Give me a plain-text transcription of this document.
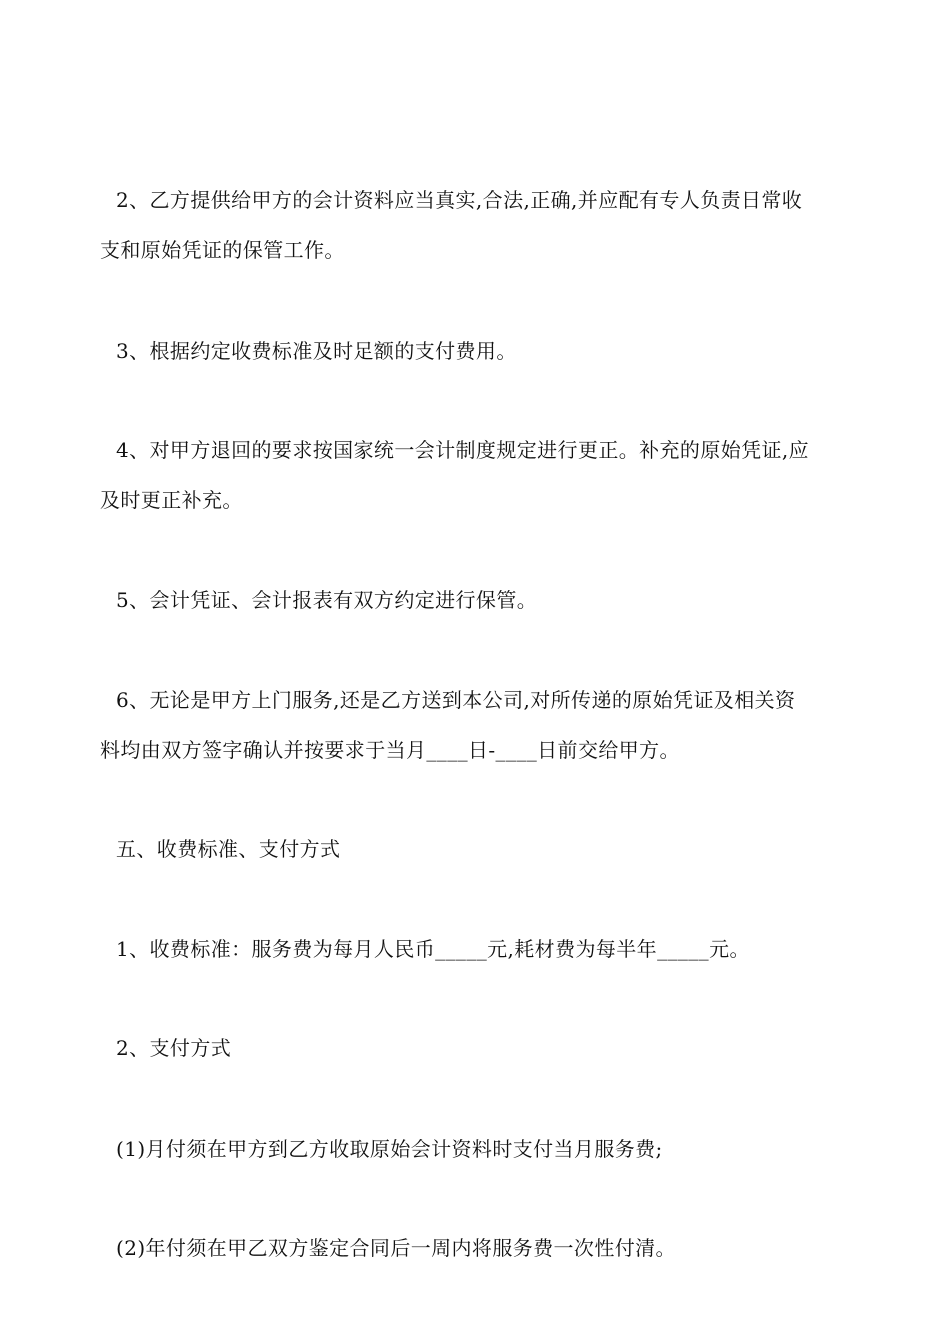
2、乙方提供给甲方的会计资料应当真实,合法,正确,并应配有专人负责日常收
支和原始凭证的保管工作。
3、根据约定收费标准及时足额的支付费用。
4、对甲方退回的要求按国家统一会计制度规定进行更正。补充的原始凭证,应
及时更正补充。
5、会计凭证、会计报表有双方约定进行保管。
6、无论是甲方上门服务,还是乙方送到本公司,对所传递的原始凭证及相关资
料均由双方签字确认并按要求于当月____日-____日前交给甲方。
五、收费标准、支付方式
1、收费标准：服务费为每月人民币_____元,耗材费为每半年_____元。
2、支付方式
(1)月付须在甲方到乙方收取原始会计资料时支付当月服务费;
(2)年付须在甲乙双方鉴定合同后一周内将服务费一次性付清。
